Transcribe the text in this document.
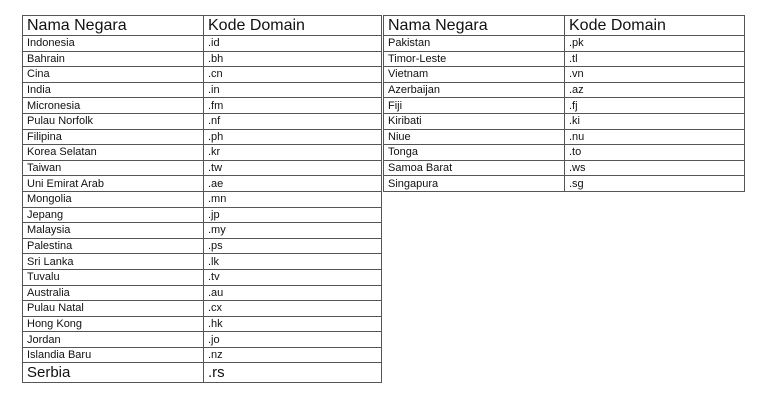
Nama Negara	Kode Domain
Indonesia	.id
Bahrain	.bh
Cina	.cn
India	.in
Micronesia	.fm
Pulau Norfolk	.nf
Filipina	.ph
Korea Selatan	.kr
Taiwan	.tw
Uni Emirat Arab	.ae
Mongolia	.mn
Jepang	.jp
Malaysia	.my
Palestina	.ps
Sri Lanka	.lk
Tuvalu	.tv
Australia	.au
Pulau Natal	.cx
Hong Kong	.hk
Jordan	.jo
Islandia Baru	.nz
Serbia	.rs
Nama Negara	Kode Domain
Pakistan	.pk
Timor-Leste	.tl
Vietnam	.vn
Azerbaijan	.az
Fiji	.fj
Kiribati	.ki
Niue	.nu
Tonga	.to
Samoa Barat	.ws
Singapura	.sg
